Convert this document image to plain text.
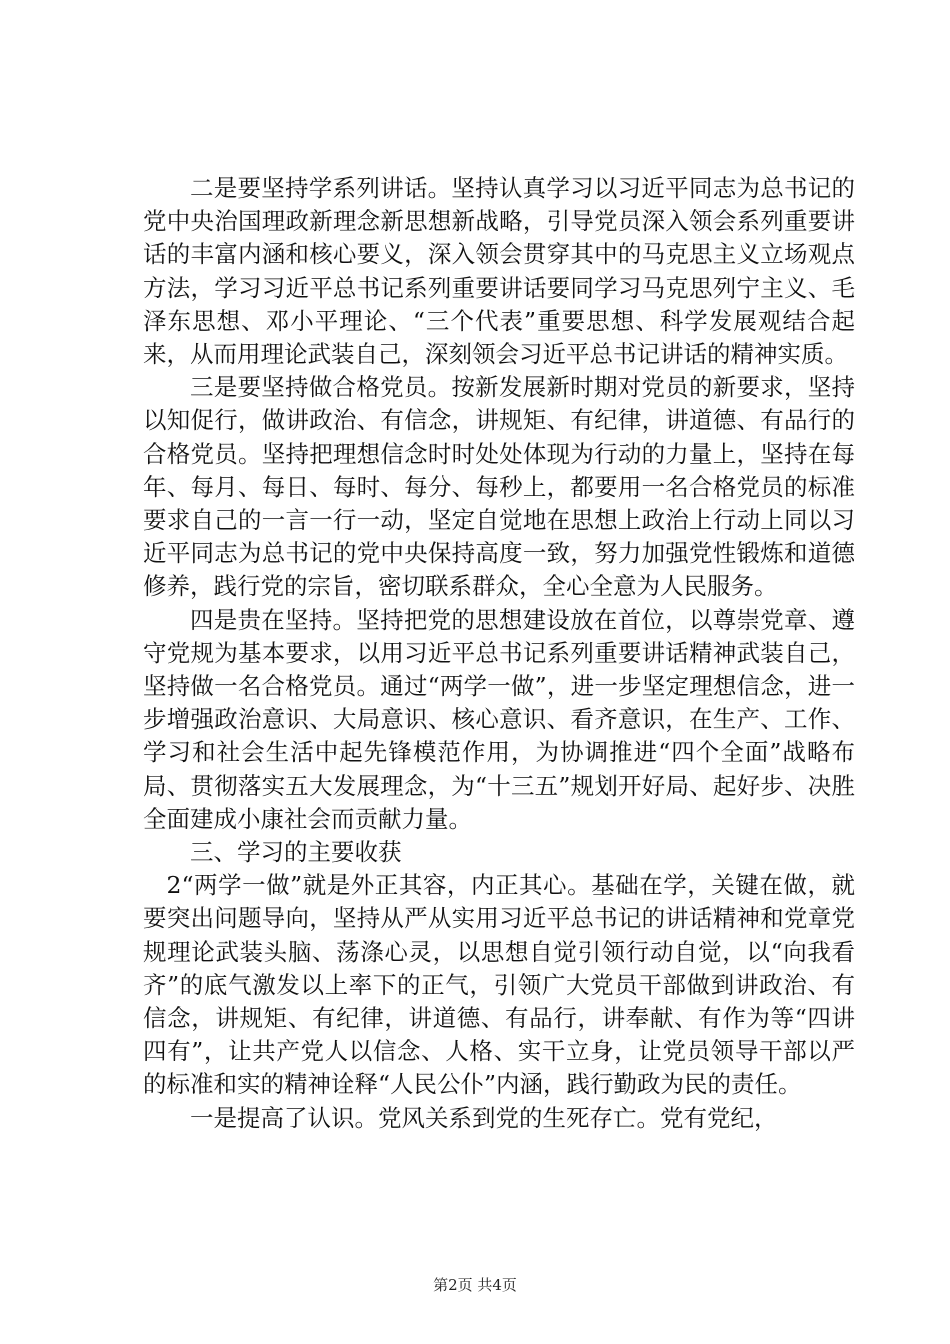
二是要坚持学系列讲话。坚持认真学习以习近平同志为总书记的党中央治国理政新理念新思想新战略，引导党员深入领会系列重要讲话的丰富内涵和核心要义，深入领会贯穿其中的马克思主义立场观点方法，学习习近平总书记系列重要讲话要同学习马克思列宁主义、毛泽东思想、邓小平理论、“三个代表”重要思想、科学发展观结合起来，从而用理论武装自己，深刻领会习近平总书记讲话的精神实质。

三是要坚持做合格党员。按新发展新时期对党员的新要求，坚持以知促行，做讲政治、有信念，讲规矩、有纪律，讲道德、有品行的合格党员。坚持把理想信念时时处处体现为行动的力量上，坚持在每年、每月、每日、每时、每分、每秒上，都要用一名合格党员的标准要求自己的一言一行一动，坚定自觉地在思想上政治上行动上同以习近平同志为总书记的党中央保持高度一致，努力加强党性锻炼和道德修养，践行党的宗旨，密切联系群众，全心全意为人民服务。

四是贵在坚持。坚持把党的思想建设放在首位，以尊崇党章、遵守党规为基本要求，以用习近平总书记系列重要讲话精神武装自己，坚持做一名合格党员。通过“两学一做”，进一步坚定理想信念，进一步增强政治意识、大局意识、核心意识、看齐意识，在生产、工作、学习和社会生活中起先锋模范作用，为协调推进“四个全面”战略布局、贯彻落实五大发展理念，为“十三五”规划开好局、起好步、决胜全面建成小康社会而贡献力量。

三、学习的主要收获

2“两学一做”就是外正其容，内正其心。基础在学，关键在做，就要突出问题导向，坚持从严从实用习近平总书记的讲话精神和党章党规理论武装头脑、荡涤心灵，以思想自觉引领行动自觉，以“向我看齐”的底气激发以上率下的正气，引领广大党员干部做到讲政治、有信念，讲规矩、有纪律，讲道德、有品行，讲奉献、有作为等“四讲四有”，让共产党人以信念、人格、实干立身，让党员领导干部以严的标准和实的精神诠释“人民公仆”内涵，践行勤政为民的责任。

一是提高了认识。党风关系到党的生死存亡。党有党纪，

第2页 共4页
